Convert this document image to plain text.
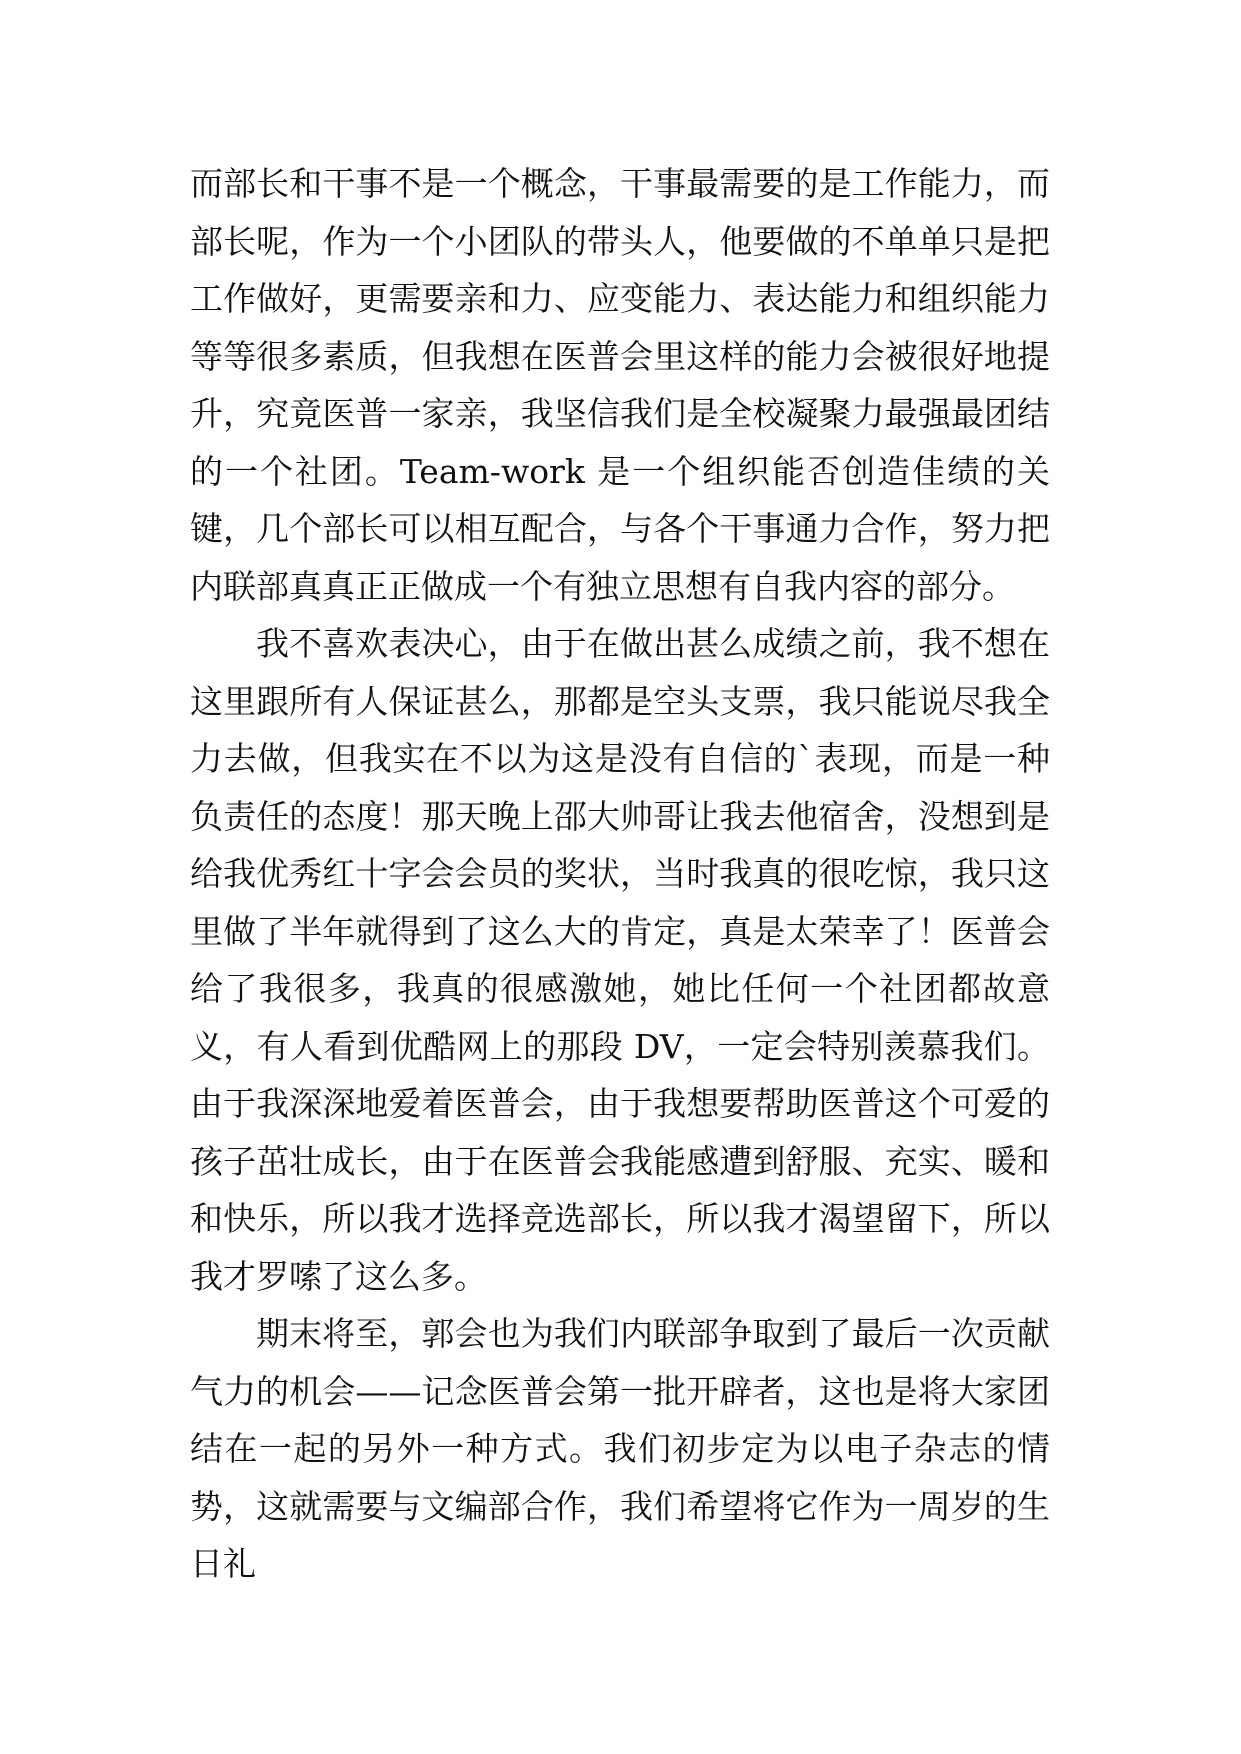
而部长和干事不是一个概念，干事最需要的是工作能力，而部长呢，作为一个小团队的带头人，他要做的不单单只是把工作做好，更需要亲和力、应变能力、表达能力和组织能力等等很多素质，但我想在医普会里这样的能力会被很好地提升，究竟医普一家亲，我坚信我们是全校凝聚力最强最团结的一个社团。Team-work 是一个组织能否创造佳绩的关键，几个部长可以相互配合，与各个干事通力合作，努力把内联部真真正正做成一个有独立思想有自我内容的部分。

我不喜欢表决心，由于在做出甚么成绩之前，我不想在这里跟所有人保证甚么，那都是空头支票，我只能说尽我全力去做，但我实在不以为这是没有自信的`表现，而是一种负责任的态度！那天晚上邵大帅哥让我去他宿舍，没想到是给我优秀红十字会会员的奖状，当时我真的很吃惊，我只这里做了半年就得到了这么大的肯定，真是太荣幸了！医普会给了我很多，我真的很感激她，她比任何一个社团都故意义，有人看到优酷网上的那段 DV，一定会特别羡慕我们。由于我深深地爱着医普会，由于我想要帮助医普这个可爱的孩子茁壮成长，由于在医普会我能感遭到舒服、充实、暖和和快乐，所以我才选择竞选部长，所以我才渴望留下，所以我才罗嗦了这么多。

期末将至，郭会也为我们内联部争取到了最后一次贡献气力的机会——记念医普会第一批开辟者，这也是将大家团结在一起的另外一种方式。我们初步定为以电子杂志的情势，这就需要与文编部合作，我们希望将它作为一周岁的生日礼
